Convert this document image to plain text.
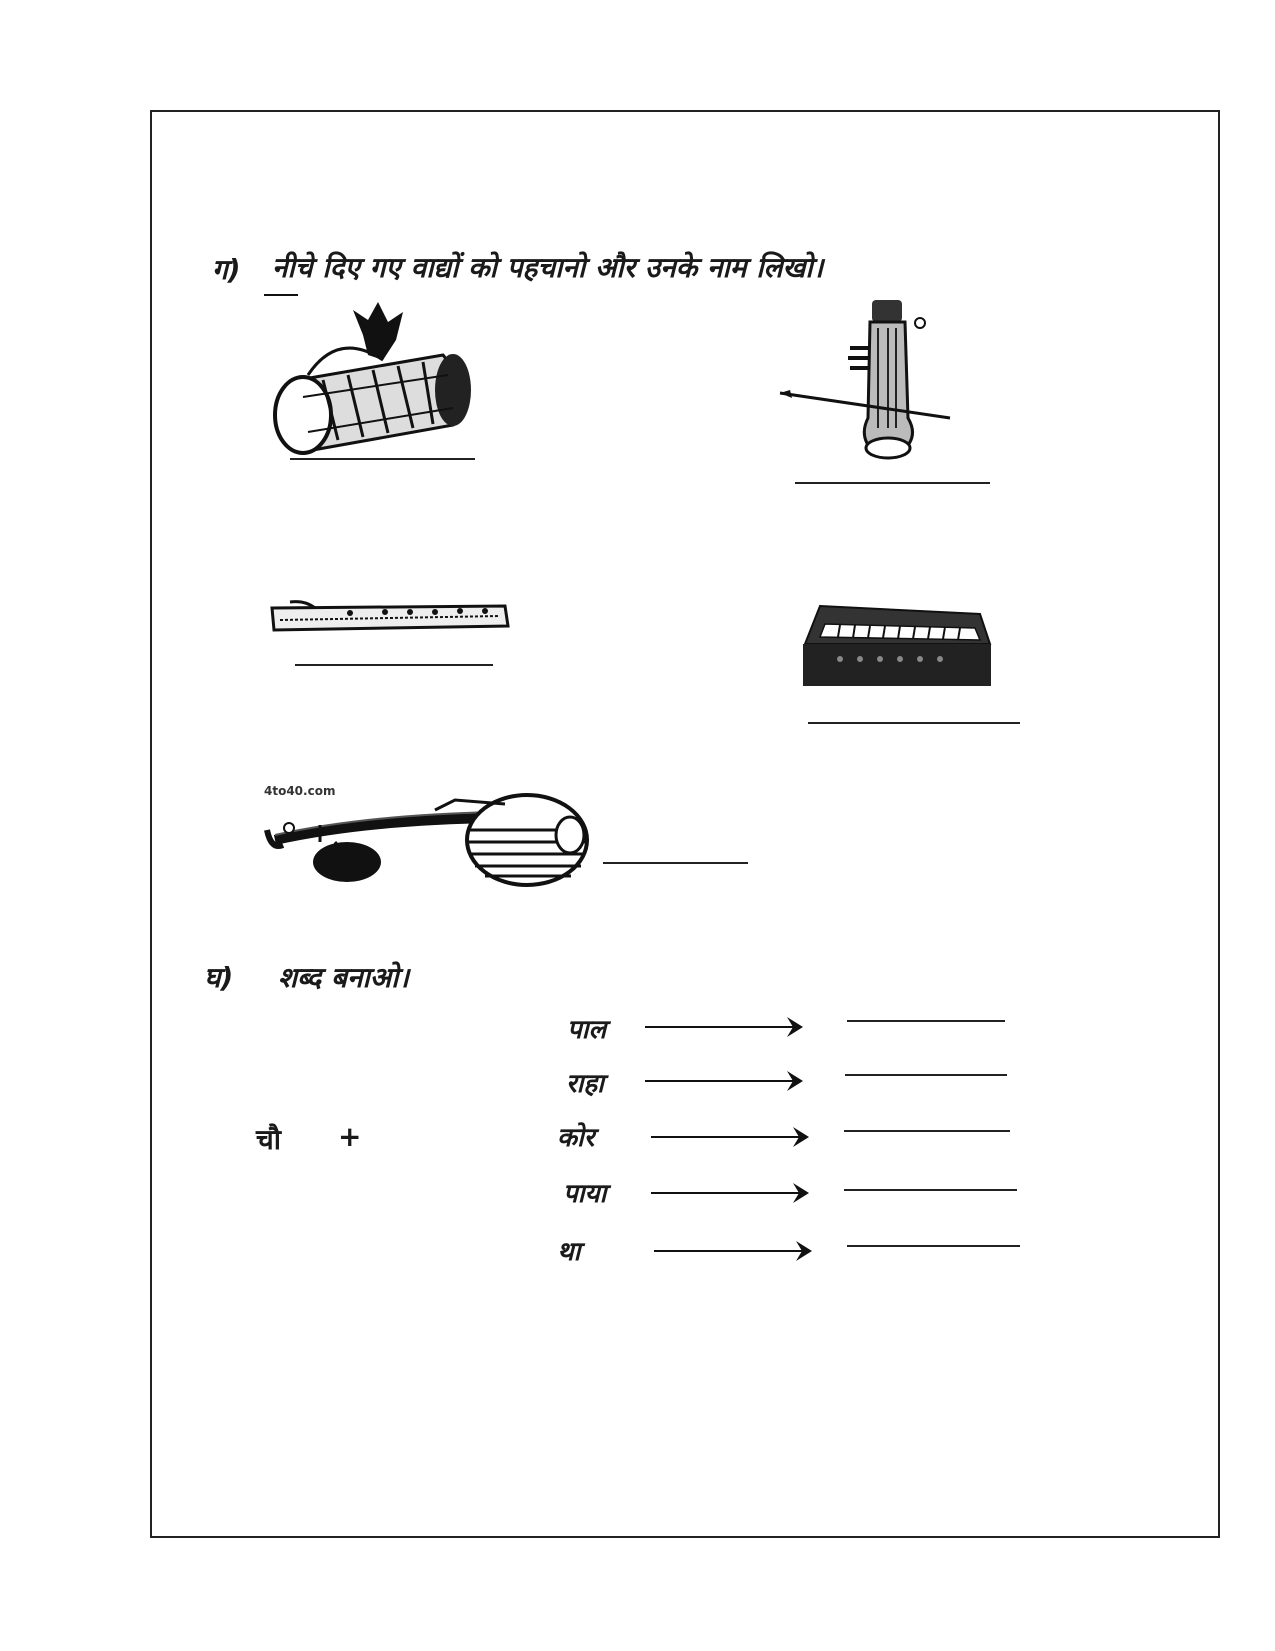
ग) नीचे दिए गए वाद्यों को पहचानो और उनके नाम लिखो।
4to40.com
घ) शब्द बनाओ।
चौ +
पाल
राहा
कोर
पाया
था
